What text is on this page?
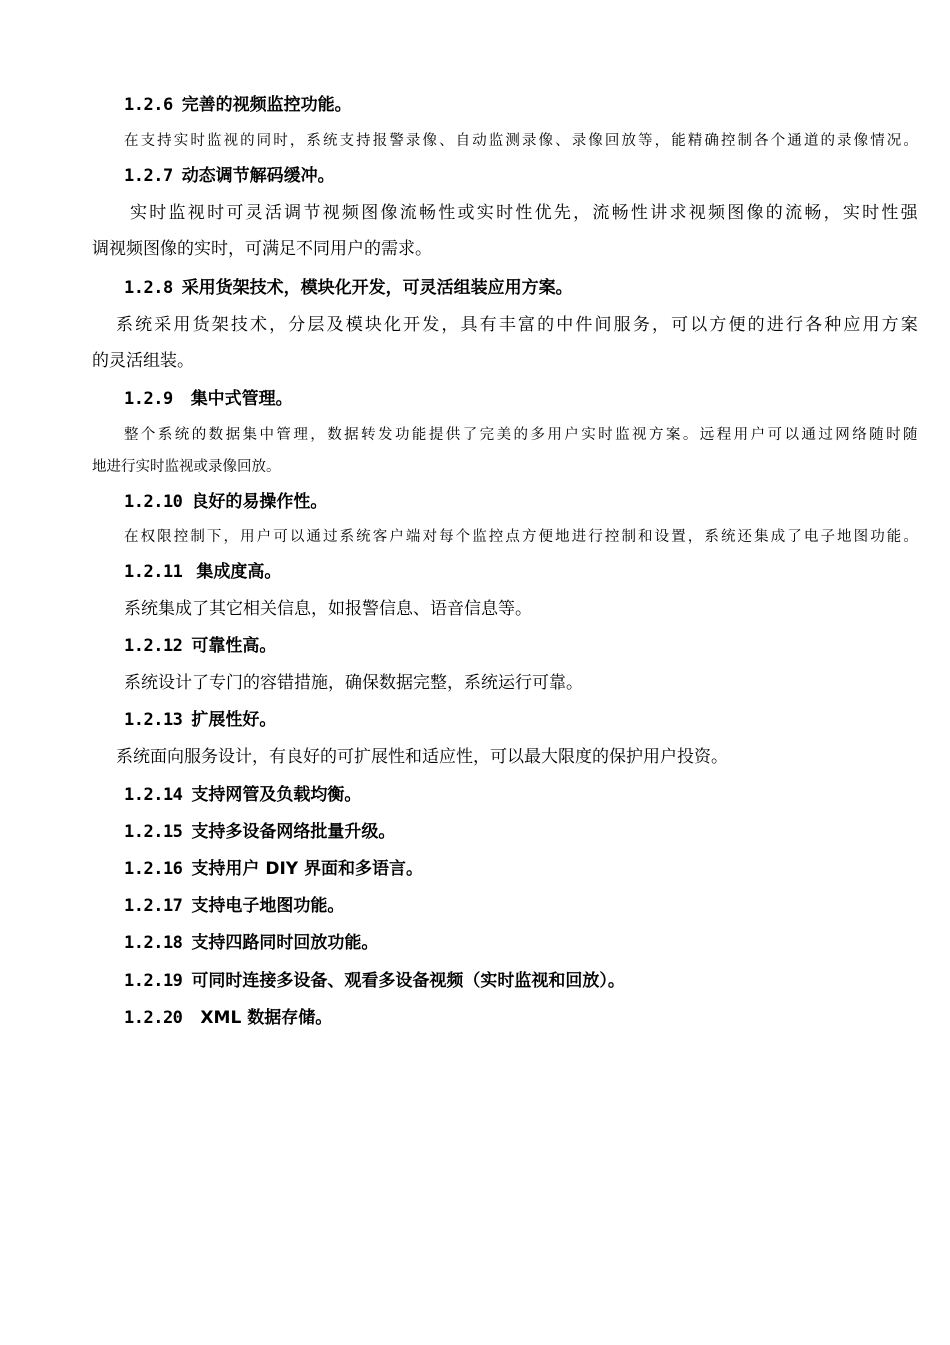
1.2.6 完善的视频监控功能。
在支持实时监视的同时，系统支持报警录像、自动监测录像、录像回放等，能精确控制各个通道的录像情况。
1.2.7 动态调节解码缓冲。
实时监视时可灵活调节视频图像流畅性或实时性优先，流畅性讲求视频图像的流畅，实时性强
调视频图像的实时，可满足不同用户的需求。
1.2.8 采用货架技术，模块化开发，可灵活组装应用方案。
系统采用货架技术，分层及模块化开发，具有丰富的中件间服务，可以方便的进行各种应用方案
的灵活组装。
1.2.9 集中式管理。
整个系统的数据集中管理，数据转发功能提供了完美的多用户实时监视方案。远程用户可以通过网络随时随
地进行实时监视或录像回放。
1.2.10 良好的易操作性。
在权限控制下，用户可以通过系统客户端对每个监控点方便地进行控制和设置，系统还集成了电子地图功能。
1.2.11 集成度高。
系统集成了其它相关信息，如报警信息、语音信息等。
1.2.12 可靠性高。
系统设计了专门的容错措施，确保数据完整，系统运行可靠。
1.2.13 扩展性好。
系统面向服务设计，有良好的可扩展性和适应性，可以最大限度的保护用户投资。
1.2.14 支持网管及负载均衡。
1.2.15 支持多设备网络批量升级。
1.2.16 支持用户 DIY 界面和多语言。
1.2.17 支持电子地图功能。
1.2.18 支持四路同时回放功能。
1.2.19 可同时连接多设备、观看多设备视频（实时监视和回放）。
1.2.20 XML 数据存储。
